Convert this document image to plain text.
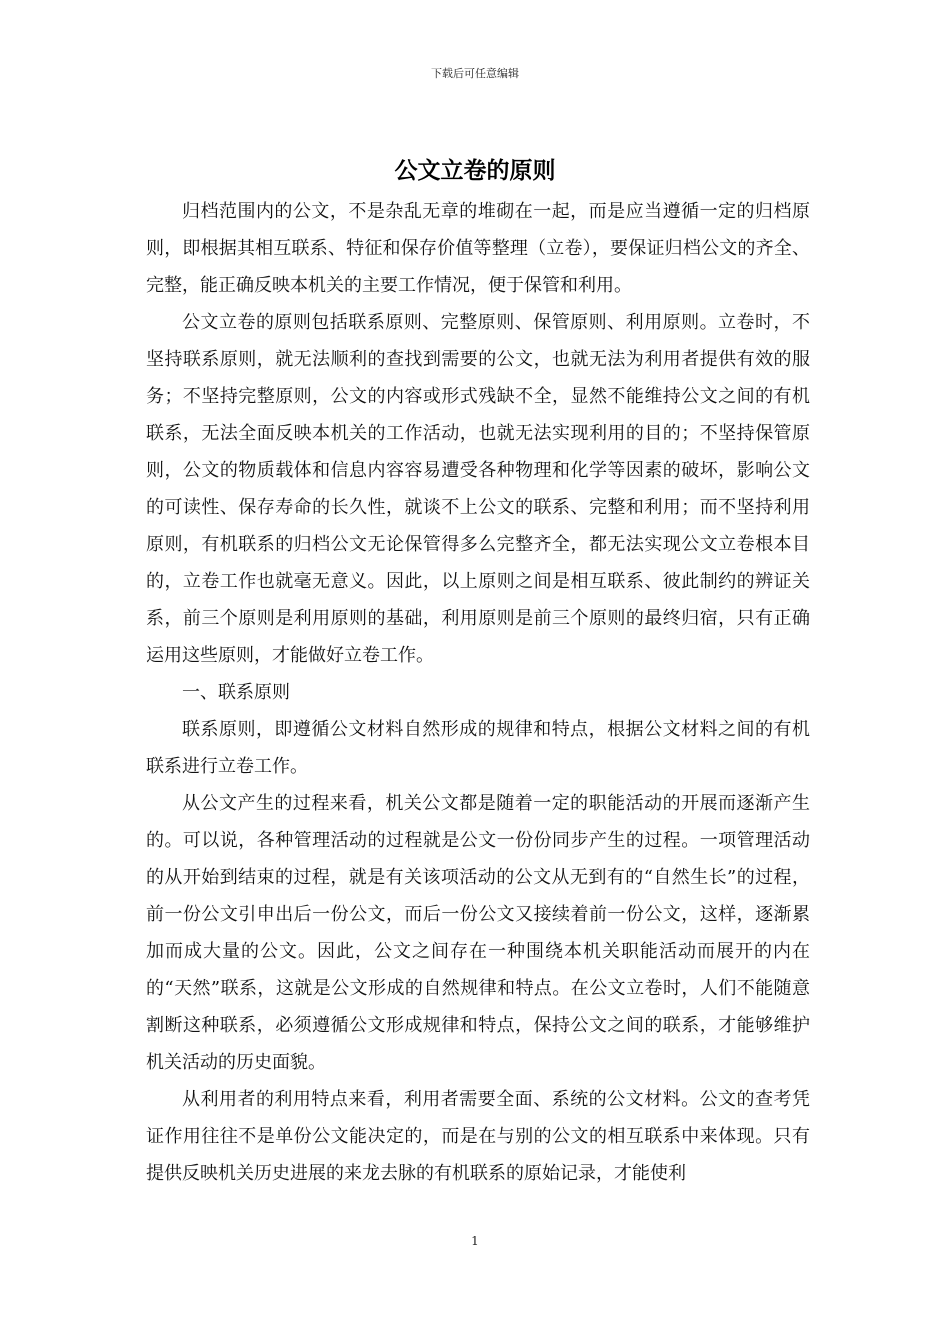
下载后可任意编辑
公文立卷的原则

归档范围内的公文，不是杂乱无章的堆砌在一起，而是应当遵循一定的归档原则，即根据其相互联系、特征和保存价值等整理（立卷），要保证归档公文的齐全、完整，能正确反映本机关的主要工作情况，便于保管和利用。

公文立卷的原则包括联系原则、完整原则、保管原则、利用原则。立卷时，不坚持联系原则，就无法顺利的查找到需要的公文，也就无法为利用者提供有效的服务；不坚持完整原则，公文的内容或形式残缺不全，显然不能维持公文之间的有机联系，无法全面反映本机关的工作活动，也就无法实现利用的目的；不坚持保管原则，公文的物质载体和信息内容容易遭受各种物理和化学等因素的破坏，影响公文的可读性、保存寿命的长久性，就谈不上公文的联系、完整和利用；而不坚持利用原则，有机联系的归档公文无论保管得多么完整齐全，都无法实现公文立卷根本目的，立卷工作也就毫无意义。因此，以上原则之间是相互联系、彼此制约的辨证关系，前三个原则是利用原则的基础，利用原则是前三个原则的最终归宿，只有正确运用这些原则，才能做好立卷工作。

一、联系原则

联系原则，即遵循公文材料自然形成的规律和特点，根据公文材料之间的有机联系进行立卷工作。

从公文产生的过程来看，机关公文都是随着一定的职能活动的开展而逐渐产生的。可以说，各种管理活动的过程就是公文一份份同步产生的过程。一项管理活动的从开始到结束的过程，就是有关该项活动的公文从无到有的“自然生长”的过程，前一份公文引申出后一份公文，而后一份公文又接续着前一份公文，这样，逐渐累加而成大量的公文。因此，公文之间存在一种围绕本机关职能活动而展开的内在的“天然”联系，这就是公文形成的自然规律和特点。在公文立卷时，人们不能随意割断这种联系，必须遵循公文形成规律和特点，保持公文之间的联系，才能够维护机关活动的历史面貌。

从利用者的利用特点来看，利用者需要全面、系统的公文材料。公文的查考凭证作用往往不是单份公文能决定的，而是在与别的公文的相互联系中来体现。只有提供反映机关历史进展的来龙去脉的有机联系的原始记录，才能使利

1
